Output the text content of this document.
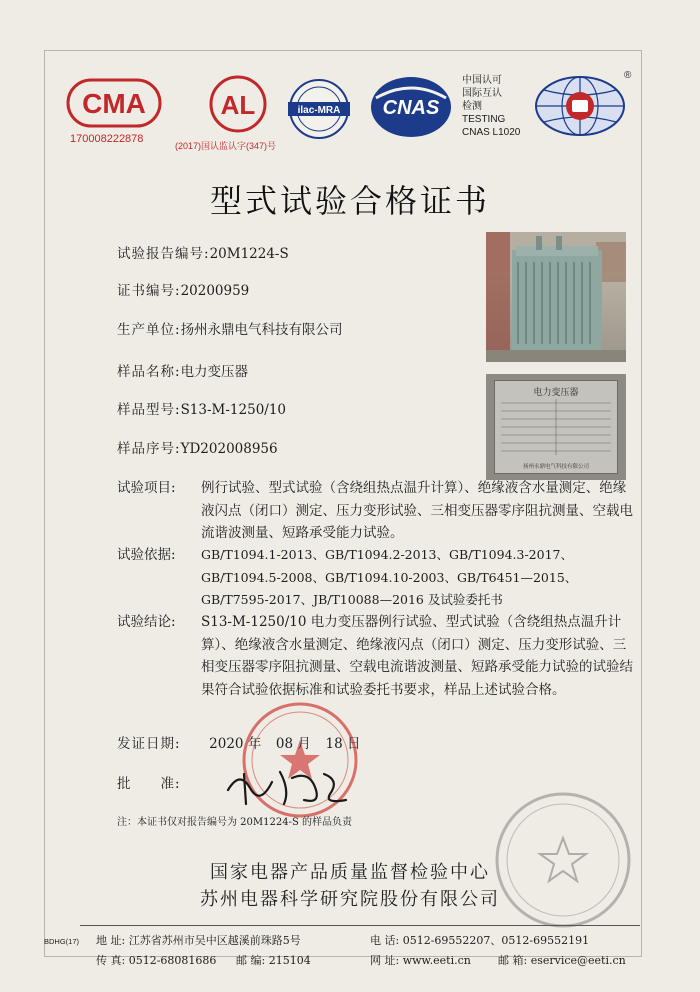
CMA
170008222878
AL
(2017)国认监认字(347)号
ilac-MRA CNAS
中国认可
国际互认
检测
TESTING
CNAS L1020
®
型式试验合格证书
试验报告编号:20M1224-S
证书编号:20200959
生产单位:扬州永鼎电气科技有限公司
样品名称:电力变压器
样品型号:S13-M-1250/10
样品序号:YD202008956
电力变压器
扬州永鼎电气科技有限公司
试验项目: 例行试验、型式试验（含绕组热点温升计算）、绝缘液含水量测定、绝缘液闪点（闭口）测定、压力变形试验、三相变压器零序阻抗测量、空载电流谐波测量、短路承受能力试验。
试验依据: GB/T1094.1-2013、GB/T1094.2-2013、GB/T1094.3-2017、
GB/T1094.5-2008、GB/T1094.10-2003、GB/T6451—2015、
GB/T7595-2017、JB/T10088—2016 及试验委托书
试验结论: S13-M-1250/10 电力变压器例行试验、型式试验（含绕组热点温升计算）、绝缘液含水量测定、绝缘液闪点（闭口）测定、压力变形试验、三相变压器零序阻抗测量、空载电流谐波测量、短路承受能力试验的试验结果符合试验依据标准和试验委托书要求，样品上述试验合格。
发证日期: 2020 年 08 月 18 日
批　　准:
注：本证书仅对报告编号为 20M1224-S 的样品负责
国家电器产品质量监督检验中心
苏州电器科学研究院股份有限公司
BDHG(17) 地 址: 江苏省苏州市吴中区越溪前珠路5号	电 话: 0512-69552207、0512-69552191
传 真: 0512-68081686 邮 编: 215104	网 址: www.eeti.cn 邮 箱: eservice@eeti.cn
